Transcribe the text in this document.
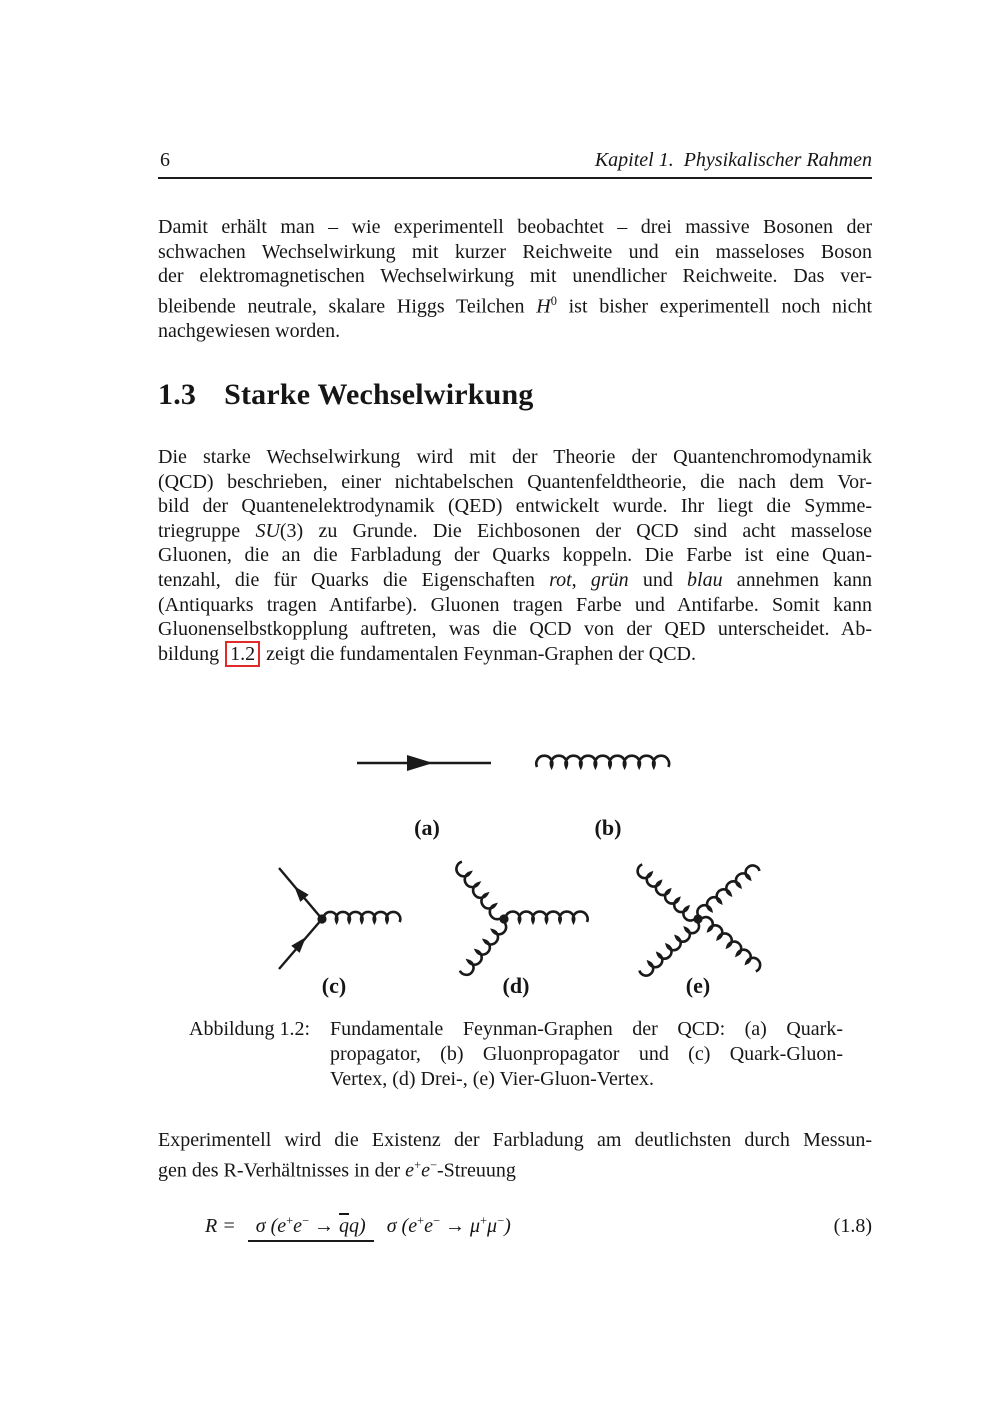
6	Kapitel 1. Physikalischer Rahmen
Damit erhält man – wie experimentell beobachtet – drei massive Bosonen der
schwachen Wechselwirkung mit kurzer Reichweite und ein masseloses Boson
der elektromagnetischen Wechselwirkung mit unendlicher Reichweite. Das ver-
bleibende neutrale, skalare Higgs Teilchen $H^0$ ist bisher experimentell noch nicht
nachgewiesen worden.
1.3 Starke Wechselwirkung
Die starke Wechselwirkung wird mit der Theorie der Quantenchromodynamik
(QCD) beschrieben, einer nichtabelschen Quantenfeldtheorie, die nach dem Vor-
bild der Quantenelektrodynamik (QED) entwickelt wurde. Ihr liegt die Symme-
triegruppe SU(3) zu Grunde. Die Eichbosonen der QCD sind acht masselose
Gluonen, die an die Farbladung der Quarks koppeln. Die Farbe ist eine Quan-
tenzahl, die für Quarks die Eigenschaften rot, grün und blau annehmen kann
(Antiquarks tragen Antifarbe). Gluonen tragen Farbe und Antifarbe. Somit kann
Gluonenselbstkopplung auftreten, was die QCD von der QED unterscheidet. Ab-
bildung 1.2 zeigt die fundamentalen Feynman-Graphen der QCD.
(a)	(b)
(c)	(d)	(e)
Abbildung 1.2: Fundamentale Feynman-Graphen der QCD: (a) Quark-
propagator, (b) Gluonpropagator und (c) Quark-Gluon-
Vertex, (d) Drei-, (e) Vier-Gluon-Vertex.
Experimentell wird die Existenz der Farbladung am deutlichsten durch Messun-
gen des R-Verhältnisses in der e+e−-Streuung
R =	σ $(e^+e^- \to \overline{q}q)$ σ (e+e− → μ+μ−)	(1.8)
